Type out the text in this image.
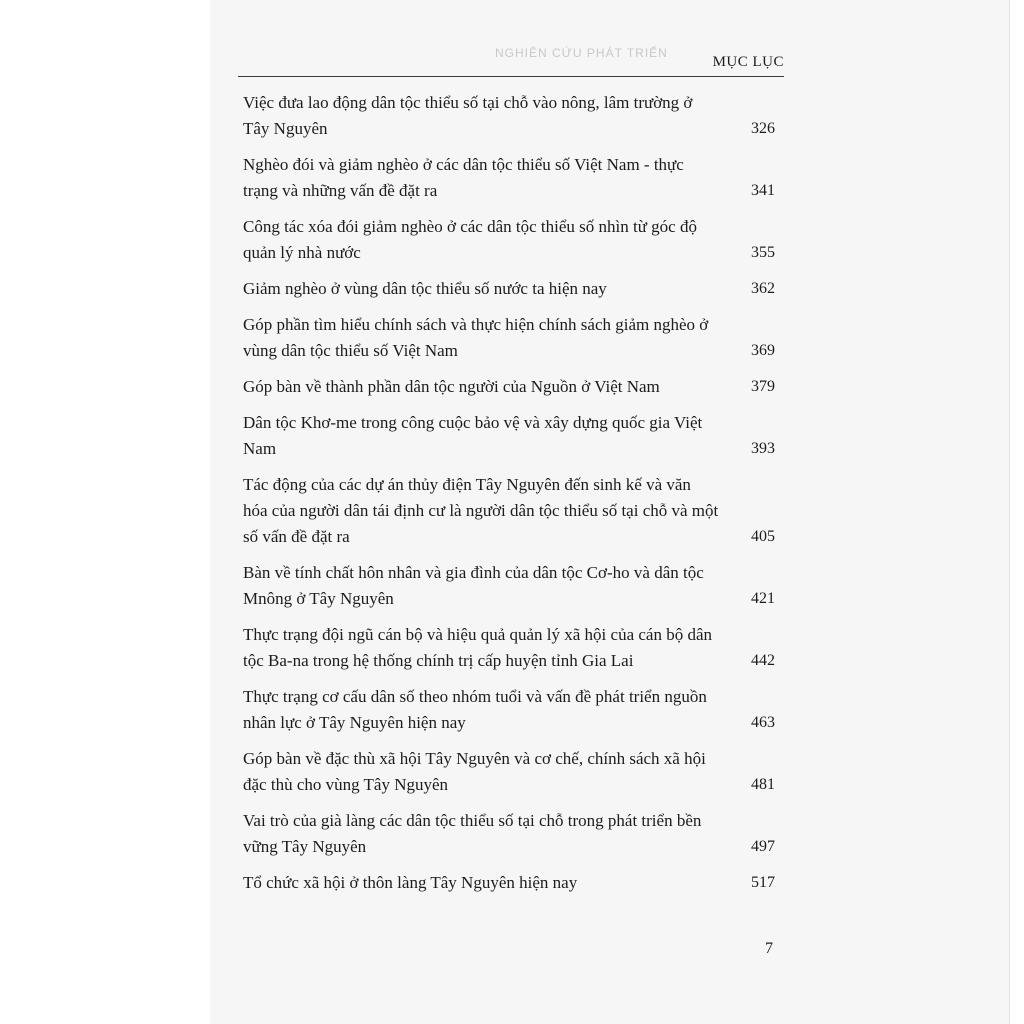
NGHIÊN CỨU PHÁT TRIỂN
MỤC LỤC
Việc đưa lao động dân tộc thiểu số tại chỗ vào nông, lâm trường ở Tây Nguyên	326
Nghèo đói và giảm nghèo ở các dân tộc thiểu số Việt Nam - thực trạng và những vấn đề đặt ra	341
Công tác xóa đói giảm nghèo ở các dân tộc thiểu số nhìn từ góc độ quản lý nhà nước	355
Giảm nghèo ở vùng dân tộc thiểu số nước ta hiện nay	362
Góp phần tìm hiểu chính sách và thực hiện chính sách giảm nghèo ở vùng dân tộc thiểu số Việt Nam	369
Góp bàn về thành phần dân tộc người của Nguồn ở Việt Nam	379
Dân tộc Khơ-me trong công cuộc bảo vệ và xây dựng quốc gia Việt Nam	393
Tác động của các dự án thủy điện Tây Nguyên đến sinh kế và văn hóa của người dân tái định cư là người dân tộc thiểu số tại chỗ và một số vấn đề đặt ra	405
Bàn về tính chất hôn nhân và gia đình của dân tộc Cơ-ho và dân tộc Mnông ở Tây Nguyên	421
Thực trạng đội ngũ cán bộ và hiệu quả quản lý xã hội của cán bộ dân tộc Ba-na trong hệ thống chính trị cấp huyện tỉnh Gia Lai	442
Thực trạng cơ cấu dân số theo nhóm tuổi và vấn đề phát triển nguồn nhân lực ở Tây Nguyên hiện nay	463
Góp bàn về đặc thù xã hội Tây Nguyên và cơ chế, chính sách xã hội đặc thù cho vùng Tây Nguyên	481
Vai trò của già làng các dân tộc thiểu số tại chỗ trong phát triển bền vững Tây Nguyên	497
Tổ chức xã hội ở thôn làng Tây Nguyên hiện nay	517
7
